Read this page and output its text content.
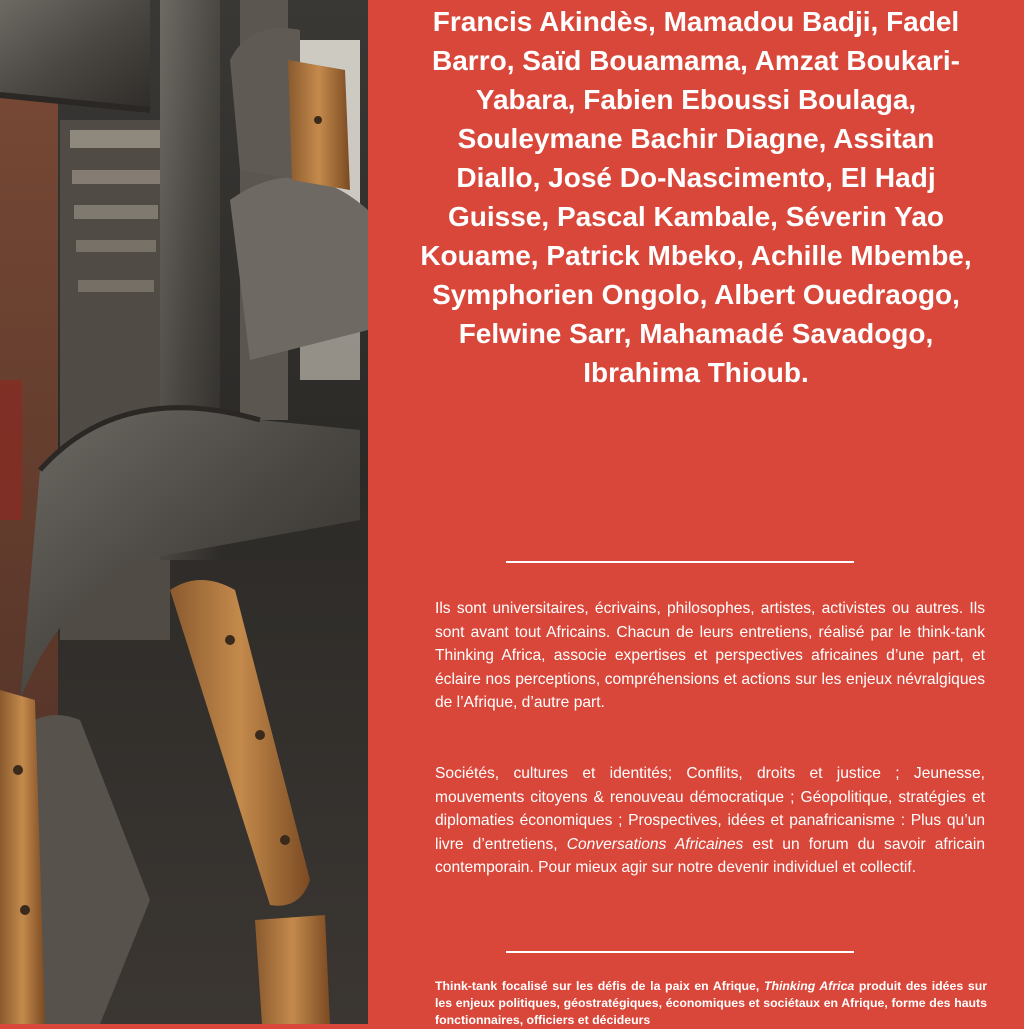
Francis Akindès, Mamadou Badji, Fadel Barro, Saïd Bouamama, Amzat Boukari-Yabara, Fabien Eboussi Boulaga, Souleymane Bachir Diagne, Assitan Diallo, José Do-Nascimento, El Hadj Guisse, Pascal Kambale, Séverin Yao Kouame, Patrick Mbeko, Achille Mbembe, Symphorien Ongolo, Albert Ouedraogo, Felwine Sarr, Mahamadé Savadogo,
Ibrahima Thioub.

Ils sont universitaires, écrivains, philosophes, artistes, activistes ou autres. Ils sont avant tout Africains. Chacun de leurs entretiens, réalisé par le think-tank Thinking Africa, associe expertises et perspectives africaines d’une part, et éclaire nos perceptions, compréhensions et actions sur les enjeux névralgiques de l’Afrique, d’autre part.

Sociétés, cultures et identités; Conflits, droits et justice ; Jeunesse, mouvements citoyens & renouveau démocratique ; Géopolitique, stratégies et diplomaties économiques ; Prospectives, idées et panafricanisme : Plus qu’un livre d’entretiens, Conversations Africaines est un forum du savoir africain contemporain. Pour mieux agir sur notre devenir individuel et collectif.

Think-tank focalisé sur les défis de la paix en Afrique, Thinking Africa produit des idées sur les enjeux politiques, géostratégiques, économiques et sociétaux en Afrique, forme des hauts fonctionnaires, officiers et décideurs
